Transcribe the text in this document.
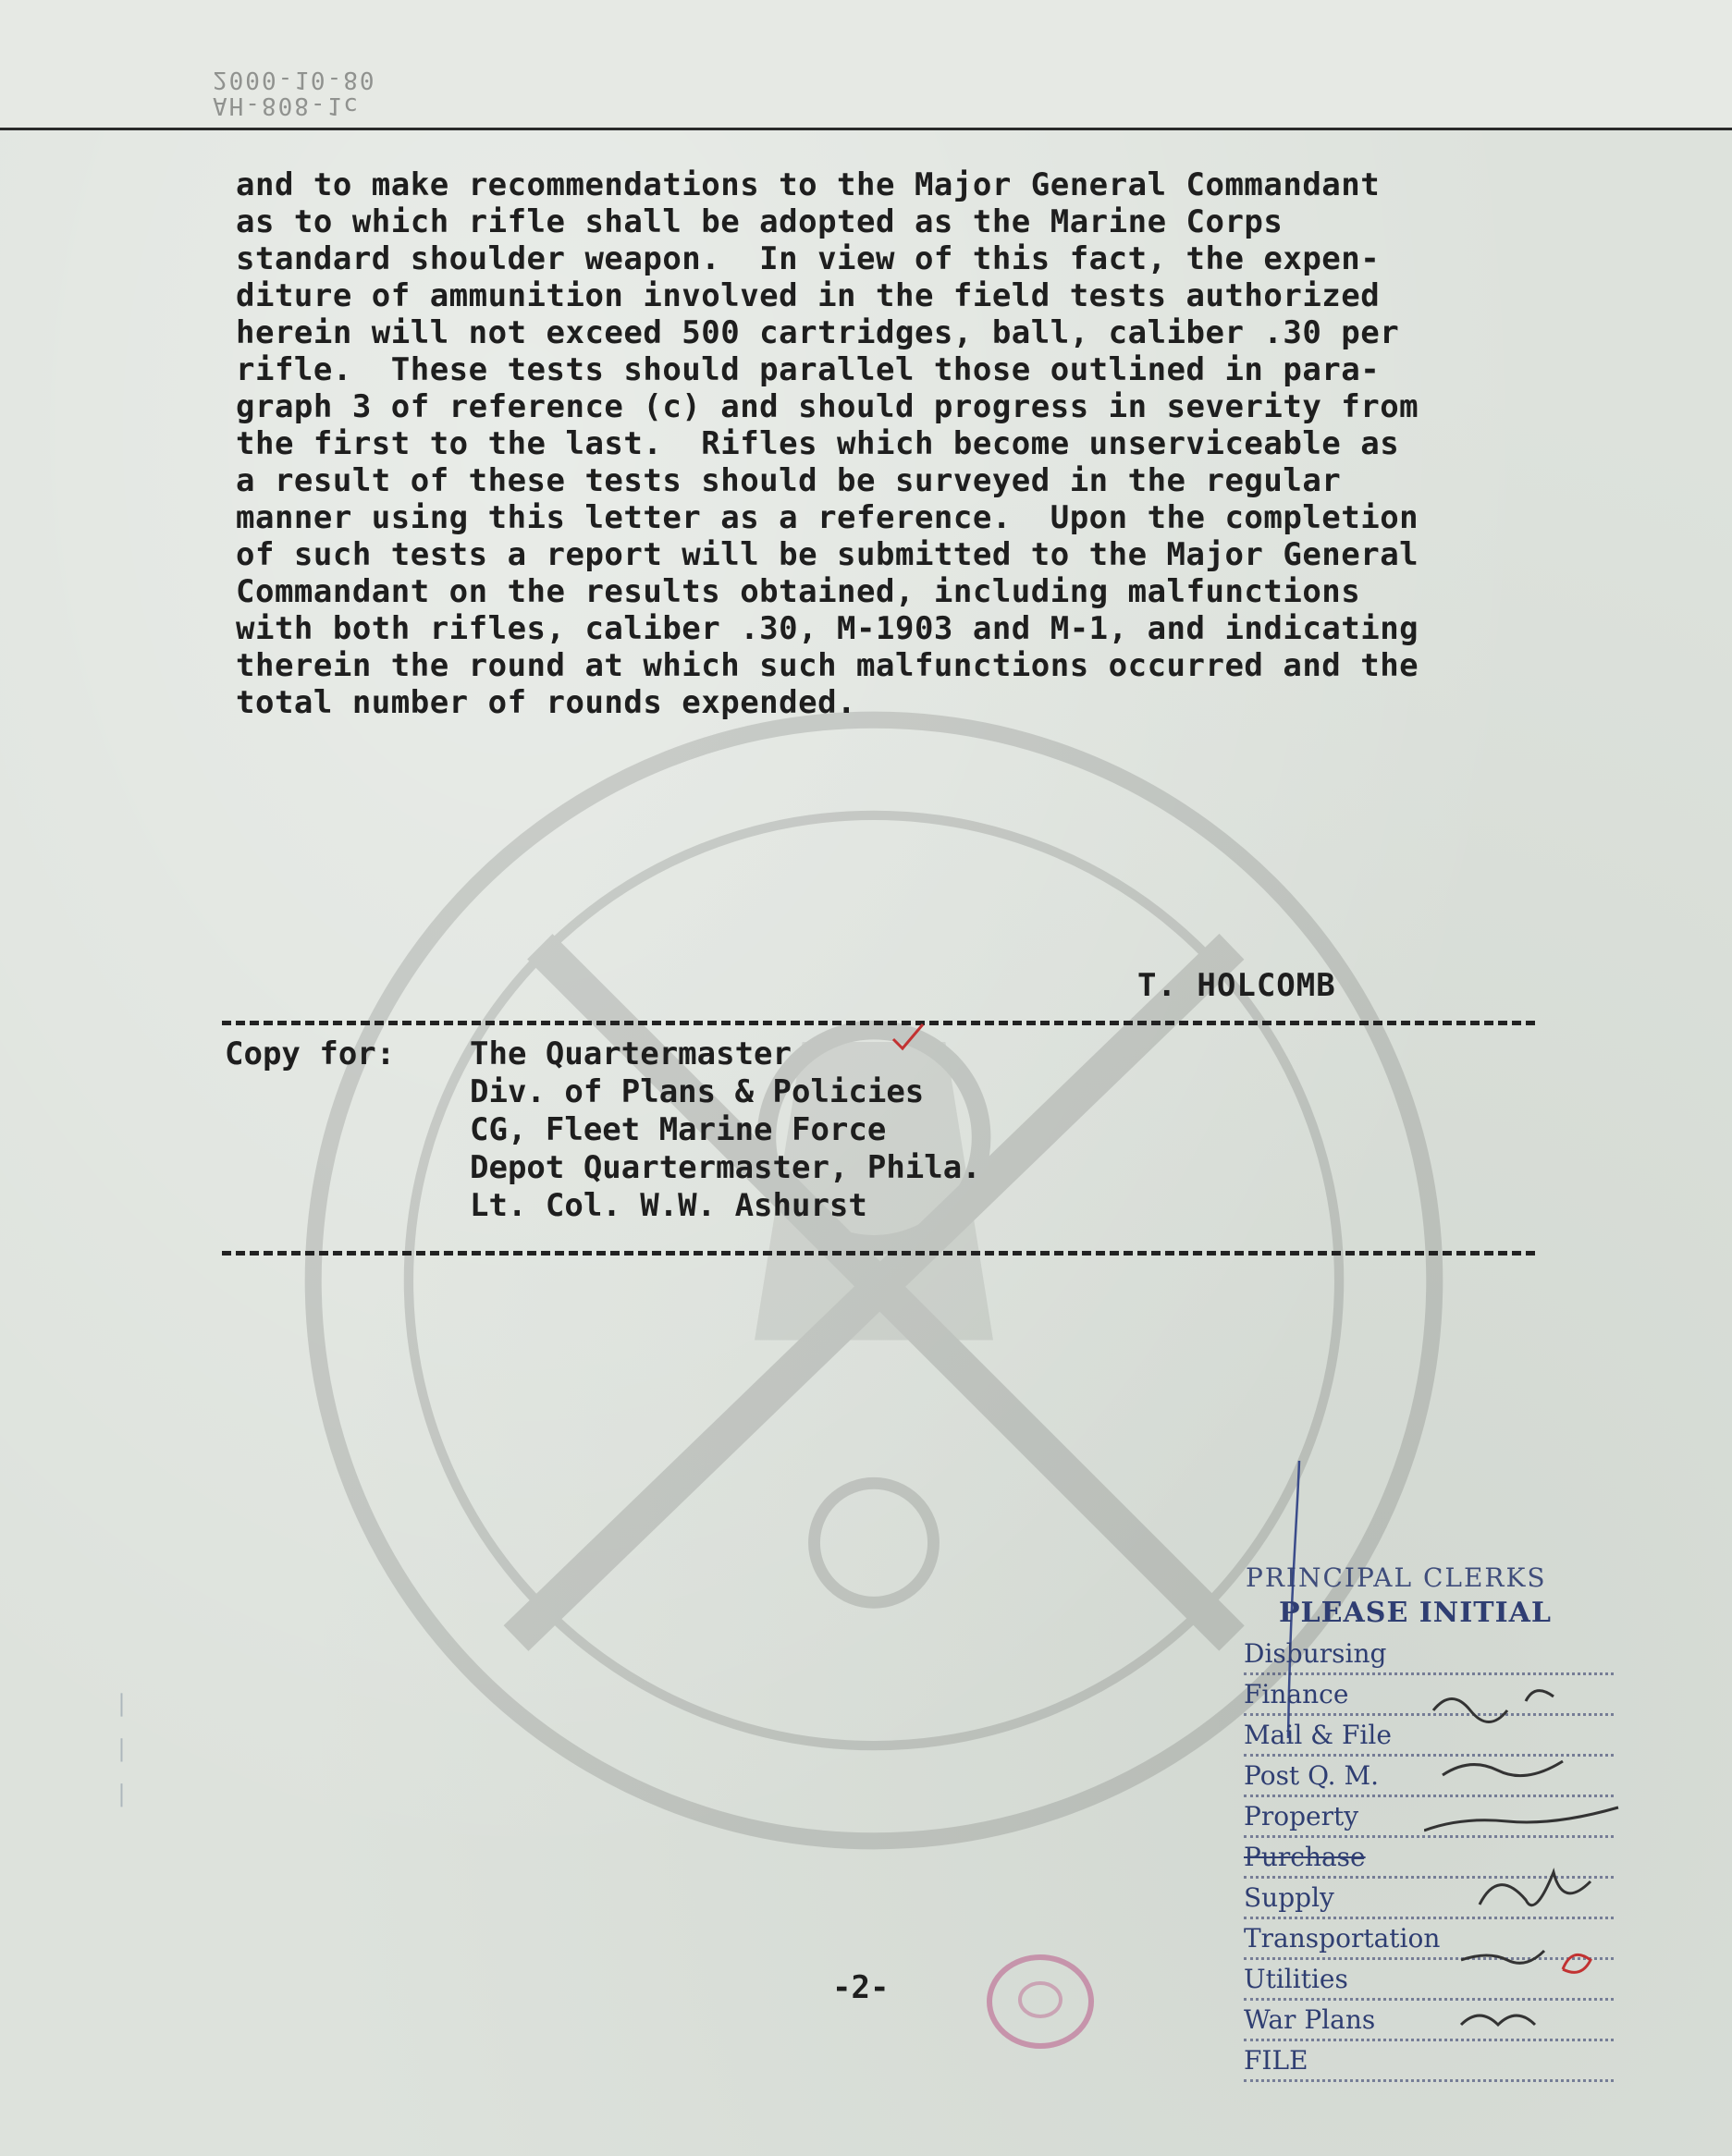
AH-808-1c
2000-10-80
and to make recommendations to the Major General Commandant
as to which rifle shall be adopted as the Marine Corps
standard shoulder weapon.  In view of this fact, the expen-
diture of ammunition involved in the field tests authorized
herein will not exceed 500 cartridges, ball, caliber .30 per
rifle.  These tests should parallel those outlined in para-
graph 3 of reference (c) and should progress in severity from
the first to the last.  Rifles which become unserviceable as
a result of these tests should be surveyed in the regular
manner using this letter as a reference.  Upon the completion
of such tests a report will be submitted to the Major General
Commandant on the results obtained, including malfunctions
with both rifles, caliber .30, M-1903 and M-1, and indicating
therein the round at which such malfunctions occurred and the
total number of rounds expended.
T. HOLCOMB
Copy for: The Quartermaster
Div. of Plans & Policies
CG, Fleet Marine Force
Depot Quartermaster, Phila.
Lt. Col. W.W. Ashurst
— — —
PRINCIPAL CLERKS
PLEASE INITIAL
Disbursing
Finance
Mail & File
Post Q. M.
Property
Purchase
Supply
Transportation
Utilities
War Plans
FILE
-2-
